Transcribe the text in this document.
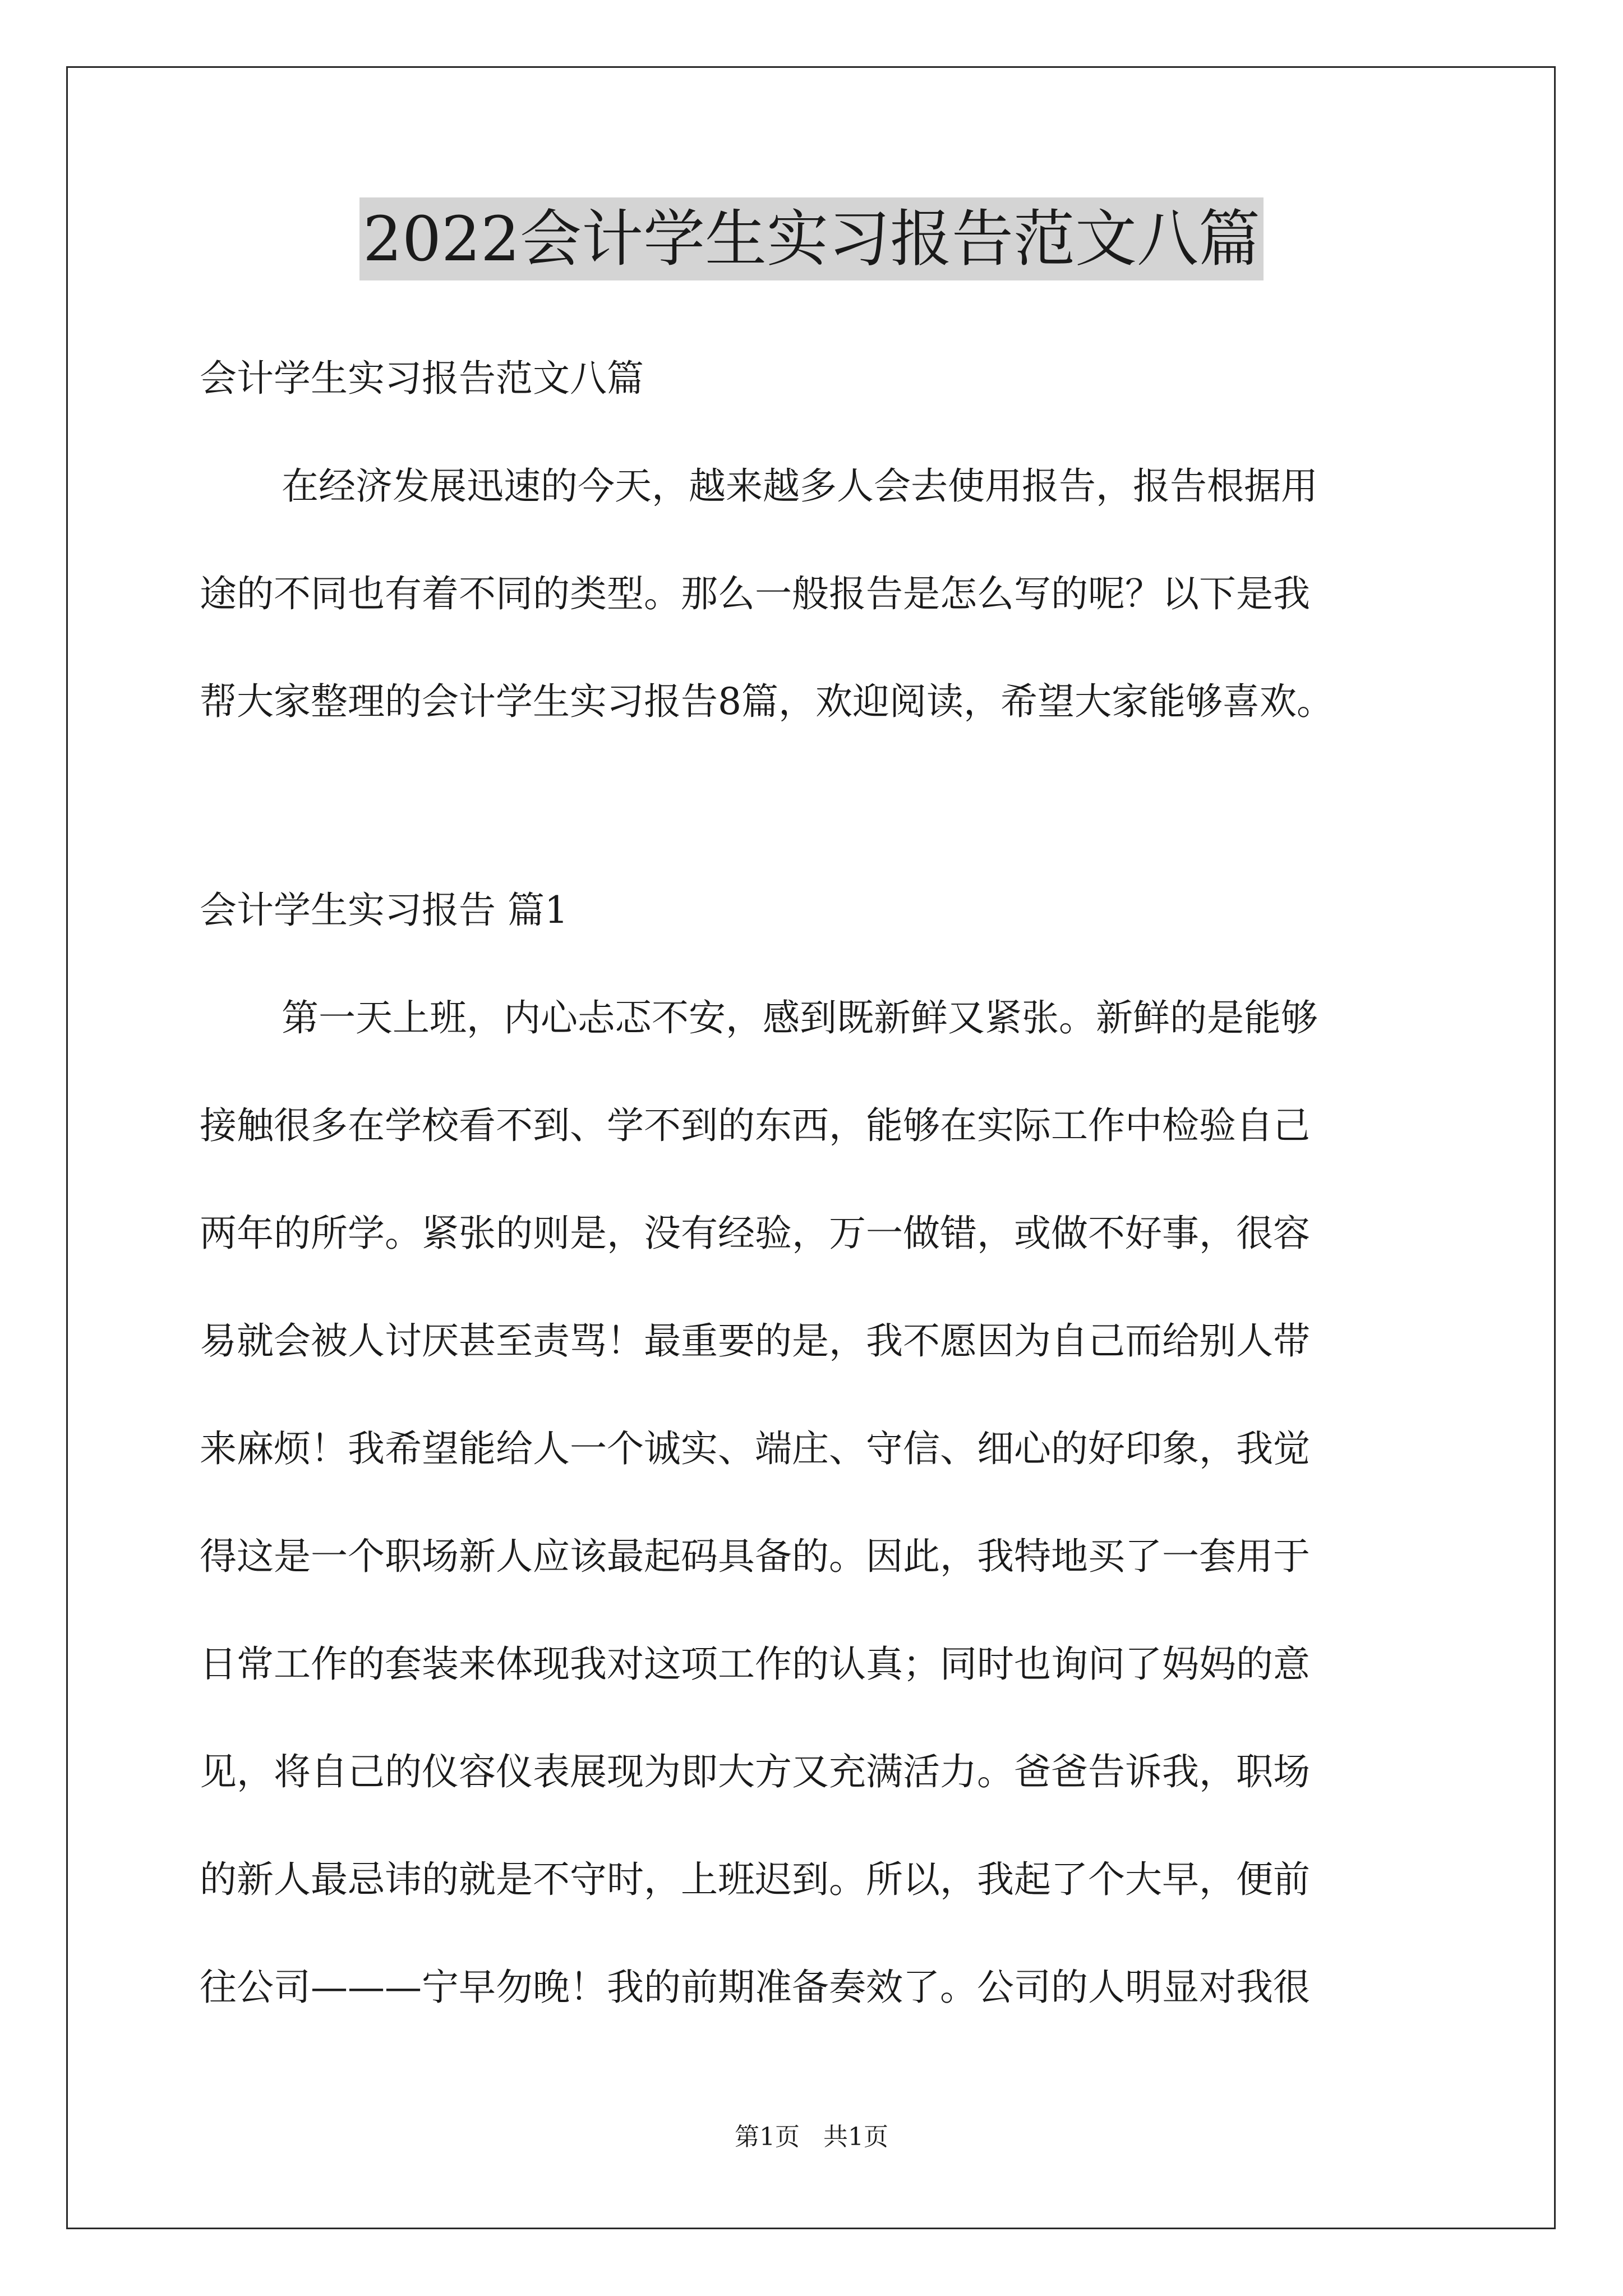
2022会计学生实习报告范文八篇
会计学生实习报告范文八篇

在经济发展迅速的今天，越来越多人会去使用报告，报告根据用
途的不同也有着不同的类型。那么一般报告是怎么写的呢？以下是我
帮大家整理的会计学生实习报告8篇，欢迎阅读，希望大家能够喜欢。

会计学生实习报告 篇1

第一天上班，内心忐忑不安，感到既新鲜又紧张。新鲜的是能够
接触很多在学校看不到、学不到的东西，能够在实际工作中检验自己
两年的所学。紧张的则是，没有经验，万一做错，或做不好事，很容
易就会被人讨厌甚至责骂！最重要的是，我不愿因为自己而给别人带
来麻烦！我希望能给人一个诚实、端庄、守信、细心的好印象，我觉
得这是一个职场新人应该最起码具备的。因此，我特地买了一套用于
日常工作的套装来体现我对这项工作的认真；同时也询问了妈妈的意
见，将自己的仪容仪表展现为即大方又充满活力。爸爸告诉我，职场
的新人最忌讳的就是不守时，上班迟到。所以，我起了个大早，便前
往公司———宁早勿晚！我的前期准备奏效了。公司的人明显对我很

第1页 共1页
